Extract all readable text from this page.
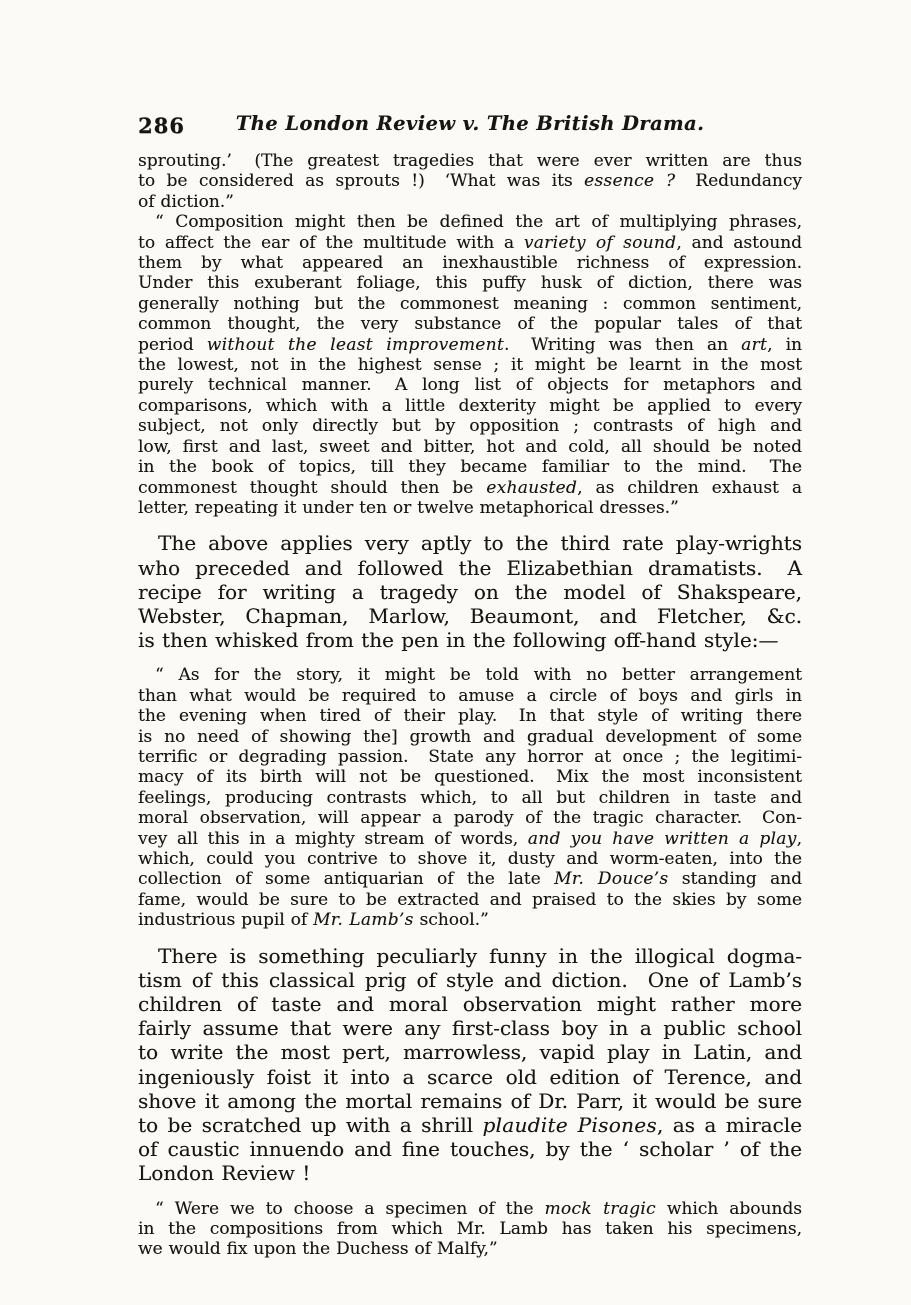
286	The London Review v. The British Drama.
sprouting.’  (The greatest tragedies that were ever written are thus
to be considered as sprouts !)  ‘What was its essence ?  Redundancy
of diction.”
“ Composition might then be defined the art of multiplying phrases,
to affect the ear of the multitude with a variety of sound, and astound
them by what appeared an inexhaustible richness of expression.
Under this exuberant foliage, this puffy husk of diction, there was
generally nothing but the commonest meaning : common sentiment,
common thought, the very substance of the popular tales of that
period without the least improvement.  Writing was then an art, in
the lowest, not in the highest sense ; it might be learnt in the most
purely technical manner.  A long list of objects for metaphors and
comparisons, which with a little dexterity might be applied to every
subject, not only directly but by opposition ; contrasts of high and
low, first and last, sweet and bitter, hot and cold, all should be noted
in the book of topics, till they became familiar to the mind.  The
commonest thought should then be exhausted, as children exhaust a
letter, repeating it under ten or twelve metaphorical dresses.”
The above applies very aptly to the third rate play-wrights
who preceded and followed the Elizabethian dramatists.  A
recipe for writing a tragedy on the model of Shakspeare,
Webster, Chapman, Marlow, Beaumont, and Fletcher, &c.
is then whisked from the pen in the following off-hand style:—
“ As for the story, it might be told with no better arrangement
than what would be required to amuse a circle of boys and girls in
the evening when tired of their play.  In that style of writing there
is no need of showing the] growth and gradual development of some
terrific or degrading passion.  State any horror at once ; the legitimi-
macy of its birth will not be questioned.  Mix the most inconsistent
feelings, producing contrasts which, to all but children in taste and
moral observation, will appear a parody of the tragic character.  Con-
vey all this in a mighty stream of words, and you have written a play,
which, could you contrive to shove it, dusty and worm-eaten, into the
collection of some antiquarian of the late Mr. Douce’s standing and
fame, would be sure to be extracted and praised to the skies by some
industrious pupil of Mr. Lamb’s school.”
There is something peculiarly funny in the illogical dogma-
tism of this classical prig of style and diction.  One of Lamb’s
children of taste and moral observation might rather more
fairly assume that were any first-class boy in a public school
to write the most pert, marrowless, vapid play in Latin, and
ingeniously foist it into a scarce old edition of Terence, and
shove it among the mortal remains of Dr. Parr, it would be sure
to be scratched up with a shrill plaudite Pisones, as a miracle
of caustic innuendo and fine touches, by the ‘ scholar ’ of the
London Review !
“ Were we to choose a specimen of the mock tragic which abounds
in the compositions from which Mr. Lamb has taken his specimens,
we would fix upon the Duchess of Malfy,”
